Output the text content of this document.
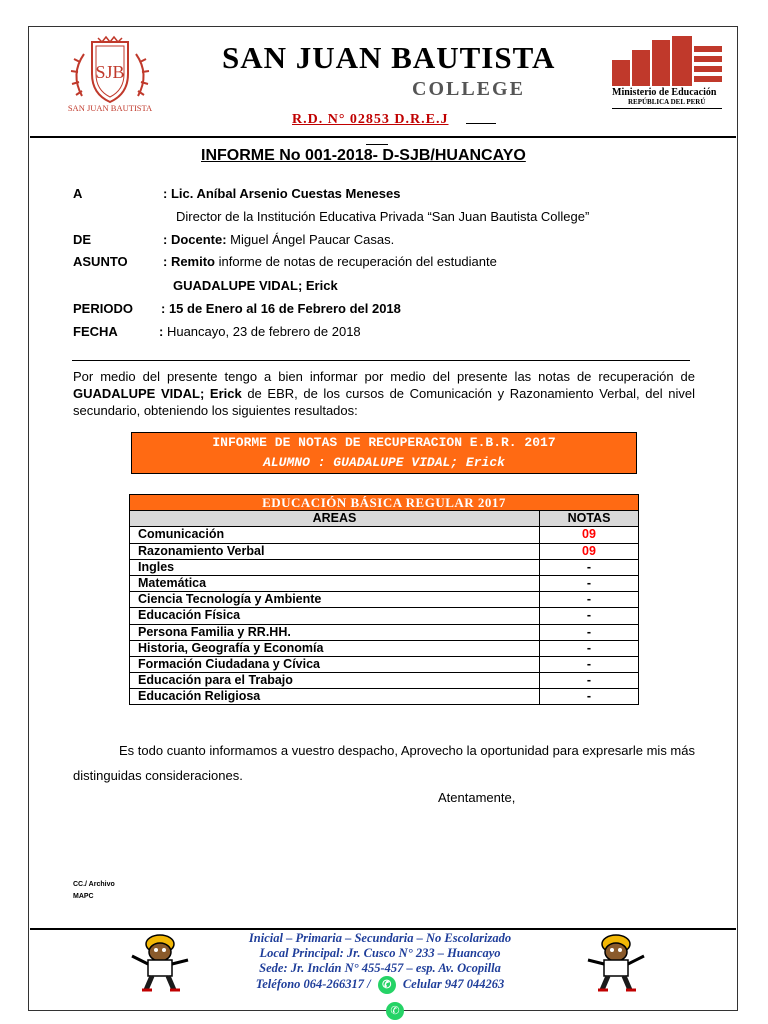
SJB
SAN JUAN BAUTISTA
SAN JUAN BAUTISTA
COLLEGE
R.D. N° 02853 D.R.E.J
Ministerio de Educación
REPÚBLICA DEL PERÚ
INFORME No 001-2018- D-SJB/HUANCAYO
A	: Lic. Aníbal Arsenio Cuestas Meneses
Director de la Institución Educativa Privada “San Juan Bautista College”
DE	: Docente: Miguel Ángel Paucar Casas.
ASUNTO	: Remito informe de notas de recuperación del estudiante
GUADALUPE VIDAL; Erick
PERIODO : 15 de Enero al 16 de Febrero del 2018
FECHA	: Huancayo, 23 de febrero de 2018
Por medio del presente tengo a bien informar por medio del presente las notas de recuperación de GUADALUPE VIDAL; Erick de EBR, de los cursos de Comunicación y Razonamiento Verbal, del nivel secundario, obteniendo los siguientes resultados:
INFORME DE NOTAS DE RECUPERACION E.B.R. 2017
ALUMNO : GUADALUPE VIDAL; Erick
EDUCACIÓN BÁSICA REGULAR 2017	
AREAS	NOTAS
Comunicación	09
Razonamiento Verbal	09
Ingles	-
Matemática	-
Ciencia Tecnología y Ambiente	-
Educación Física	-
Persona Familia y RR.HH.	-
Historia, Geografía y Economía	-
Formación Ciudadana y Cívica	-
Educación para el Trabajo	-
Educación Religiosa	-
Es todo cuanto informamos a vuestro despacho, Aprovecho la oportunidad para expresarle mis más distinguidas consideraciones.
Atentamente,
CC./ Archivo
MAPC
Inicial – Primaria – Secundaria – No Escolarizado
Local Principal: Jr. Cusco N° 233 – Huancayo
Sede: Jr. Inclán N° 455-457 – esp. Av. Ocopilla
Teléfono 064-266317 / ✆ Celular 947 044263
✆
